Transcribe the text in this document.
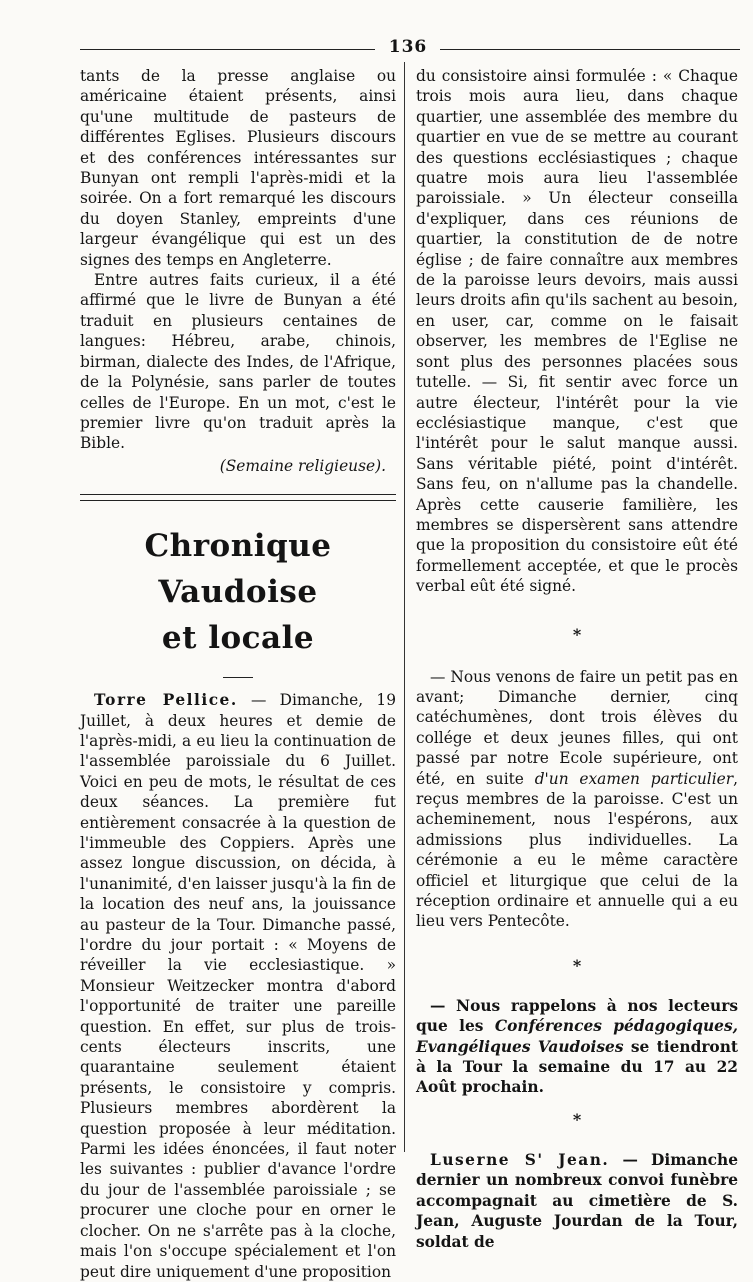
136

tants de la presse anglaise ou américaine étaient présents, ainsi qu'une multitude de pasteurs de différentes Eglises. Plusieurs discours et des conférences intéressantes sur Bunyan ont rempli l'après-midi et la soirée. On a fort remarqué les discours du doyen Stanley, empreints d'une largeur évangélique qui est un des signes des temps en Angleterre.

Entre autres faits curieux, il a été affirmé que le livre de Bunyan a été traduit en plusieurs centaines de langues: Hébreu, arabe, chinois, birman, dialecte des Indes, de l'Afrique, de la Polynésie, sans parler de toutes celles de l'Europe. En un mot, c'est le premier livre qu'on traduit après la Bible.

(Semaine religieuse).

Chronique Vaudoise
et locale

Torre Pellice. — Dimanche, 19 Juillet, à deux heures et demie de l'après-midi, a eu lieu la continuation de l'assemblée paroissiale du 6 Juillet. Voici en peu de mots, le résultat de ces deux séances. La première fut entièrement consacrée à la question de l'immeuble des Coppiers. Après une assez longue discussion, on décida, à l'unanimité, d'en laisser jusqu'à la fin de la location des neuf ans, la jouissance au pasteur de la Tour. Dimanche passé, l'ordre du jour portait : « Moyens de réveiller la vie ecclesiastique. » Monsieur Weitzecker montra d'abord l'opportunité de traiter une pareille question. En effet, sur plus de trois-cents électeurs inscrits, une quarantaine seulement étaient présents, le consistoire y compris. Plusieurs membres abordèrent la question proposée à leur méditation. Parmi les idées énoncées, il faut noter les suivantes : publier d'avance l'ordre du jour de l'assemblée paroissiale ; se procurer une cloche pour en orner le clocher. On ne s'arrête pas à la cloche, mais l'on s'occupe spécialement et l'on peut dire uniquement d'une proposition

du consistoire ainsi formulée : « Chaque trois mois aura lieu, dans chaque quartier, une assemblée des membre du quartier en vue de se mettre au courant des questions ecclésiastiques ; chaque quatre mois aura lieu l'assemblée paroissiale. » Un électeur conseilla d'expliquer, dans ces réunions de quartier, la constitution de de notre église ; de faire connaître aux membres de la paroisse leurs devoirs, mais aussi leurs droits afin qu'ils sachent au besoin, en user, car, comme on le faisait observer, les membres de l'Eglise ne sont plus des personnes placées sous tutelle. — Si, fit sentir avec force un autre électeur, l'intérêt pour la vie ecclésiastique manque, c'est que l'intérêt pour le salut manque aussi. Sans véritable piété, point d'intérêt. Sans feu, on n'allume pas la chandelle. Après cette causerie familière, les membres se dispersèrent sans attendre que la proposition du consistoire eût été formellement acceptée, et que le procès verbal eût été signé.

*

— Nous venons de faire un petit pas en avant; Dimanche dernier, cinq catéchumènes, dont trois élèves du collége et deux jeunes filles, qui ont passé par notre Ecole supérieure, ont été, en suite d'un examen particulier, reçus membres de la paroisse. C'est un acheminement, nous l'espérons, aux admissions plus individuelles. La cérémonie a eu le même caractère officiel et liturgique que celui de la réception ordinaire et annuelle qui a eu lieu vers Pentecôte.

*

— Nous rappelons à nos lecteurs que les Conférences pédagogiques, Evangéliques Vaudoises se tiendront à la Tour la semaine du 17 au 22 Août prochain.

*

Luserne S' Jean. — Dimanche dernier un nombreux convoi funèbre accompagnait au cimetière de S. Jean, Auguste Jourdan de la Tour, soldat de
